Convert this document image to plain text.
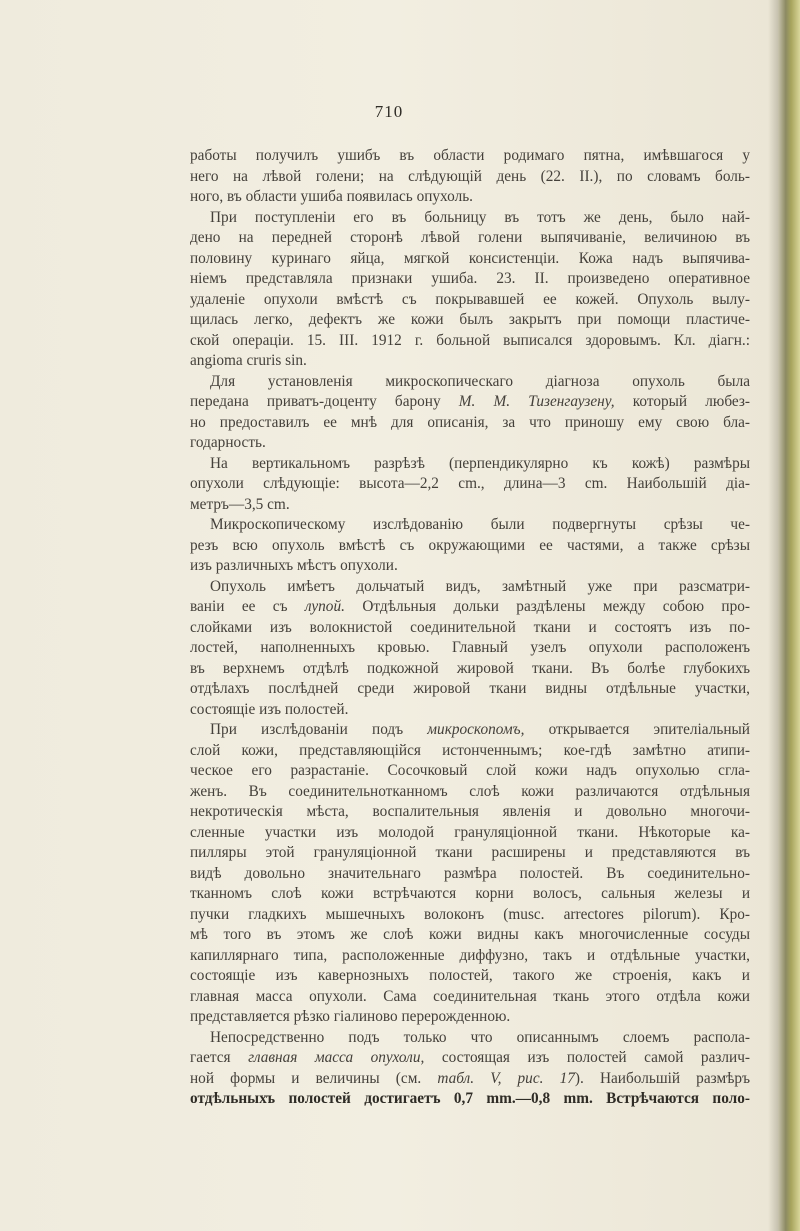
710
работы получилъ ушибъ въ области родимаго пятна, имѣвшагося у
него на лѣвой голени; на слѣдующій день (22. II.), по словамъ боль-
ного, въ области ушиба появилась опухоль.
При поступленіи его въ больницу въ тотъ же день, было най-
дено на передней сторонѣ лѣвой голени выпячиваніе, величиною въ
половину куринаго яйца, мягкой консистенціи. Кожа надъ выпячива-
ніемъ представляла признаки ушиба. 23. II. произведено оперативное
удаленіе опухоли вмѣстѣ съ покрывавшей ее кожей. Опухоль вылу-
щилась легко, дефектъ же кожи былъ закрытъ при помощи пластиче-
ской операціи. 15. III. 1912 г. больной выписался здоровымъ. Кл. діагн.:
angioma cruris sin.
Для установленія микроскопическаго діагноза опухоль была
передана приватъ-доценту барону М. М. Тизенгаузену, который любез-
но предоставилъ ее мнѣ для описанія, за что приношу ему свою бла-
годарность.
На вертикальномъ разрѣзѣ (перпендикулярно къ кожѣ) размѣры
опухоли слѣдующіе: высота—2,2 cm., длина—3 cm. Наибольшій діа-
метръ—3,5 cm.
Микроскопическому изслѣдованію были подвергнуты срѣзы че-
резъ всю опухоль вмѣстѣ съ окружающими ее частями, а также срѣзы
изъ различныхъ мѣстъ опухоли.
Опухоль имѣетъ дольчатый видъ, замѣтный уже при разсматри-
ваніи ее съ лупой. Отдѣльныя дольки раздѣлены между собою про-
слойками изъ волокнистой соединительной ткани и состоятъ изъ по-
лостей, наполненныхъ кровью. Главный узелъ опухоли расположенъ
въ верхнемъ отдѣлѣ подкожной жировой ткани. Въ болѣе глубокихъ
отдѣлахъ послѣдней среди жировой ткани видны отдѣльные участки,
состоящіе изъ полостей.
При изслѣдованіи подъ микроскопомъ, открывается эпителіальный
слой кожи, представляющійся истонченнымъ; кое-гдѣ замѣтно атипи-
ческое его разрастаніе. Сосочковый слой кожи надъ опухолью сгла-
женъ. Въ соединительнотканномъ слоѣ кожи различаются отдѣльныя
некротическія мѣста, воспалительныя явленія и довольно многочи-
сленные участки изъ молодой грануляціонной ткани. Нѣкоторые ка-
пилляры этой грануляціонной ткани расширены и представляются въ
видѣ довольно значительнаго размѣра полостей. Въ соединительно-
тканномъ слоѣ кожи встрѣчаются корни волосъ, сальныя железы и
пучки гладкихъ мышечныхъ волоконъ (musc. arrectores pilorum). Кро-
мѣ того въ этомъ же слоѣ кожи видны какъ многочисленные сосуды
капиллярнаго типа, расположенные диффузно, такъ и отдѣльные участки,
состоящіе изъ кавернозныхъ полостей, такого же строенія, какъ и
главная масса опухоли. Сама соединительная ткань этого отдѣла кожи
представляется рѣзко гіалиново перерожденною.
Непосредственно подъ только что описаннымъ слоемъ распола-
гается главная масса опухоли, состоящая изъ полостей самой различ-
ной формы и величины (см. табл. V, рис. 17). Наибольшій размѣръ
отдѣльныхъ полостей достигаетъ 0,7 mm.—0,8 mm. Встрѣчаются поло-
